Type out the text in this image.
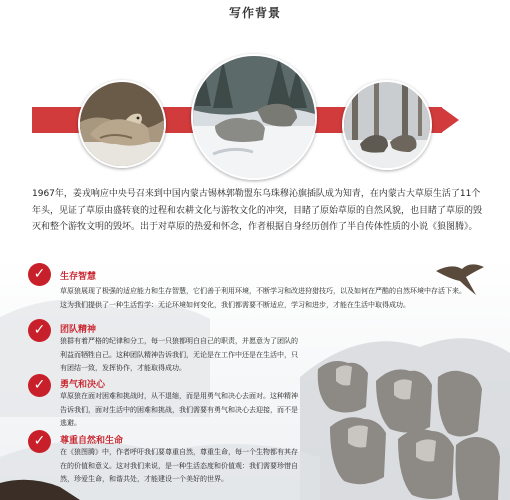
写作背景
1967年，姜戎响应中央号召来到中国内蒙古锡林郭勒盟东乌珠穆沁旗插队成为知青，在内蒙古大草原生活了11个年头，见证了草原由盛转衰的过程和农耕文化与游牧文化的冲突，目睹了原始草原的自然风貌，也目睹了草原的毁灭和整个游牧文明的毁坏。出于对草原的热爱和怀念，作者根据自身经历创作了半自传体性质的小说《狼图腾》。
✓	生存智慧
草原狼展现了极强的适应能力和生存智慧，它们善于利用环境，不断学习和改进狩猎技巧，以及如何在严酷的自然环境中存活下来。这为我们提供了一种生活哲学：无论环境如何变化，我们都需要不断适应，学习和进步，才能在生活中取得成功。
✓	团队精神
狼群有着严格的纪律和分工，每一只狼都明白自己的职责，并愿意为了团队的利益而牺牲自己。这种团队精神告诉我们，无论是在工作中还是在生活中，只有团结一致，发挥协作，才能取得成功。
✓	勇气和决心
草原狼在面对困难和挑战时，从不退缩，而是用勇气和决心去面对。这种精神告诉我们，面对生活中的困难和挑战，我们需要有勇气和决心去迎接，而不是逃避。
✓	尊重自然和生命
在《狼图腾》中，作者呼吁我们要尊重自然，尊重生命，每一个生物都有其存在的价值和意义。这对我们来说，是一种生活态度和价值观：我们需要珍惜自然，珍爱生命，和谐共处，才能建设一个美好的世界。
